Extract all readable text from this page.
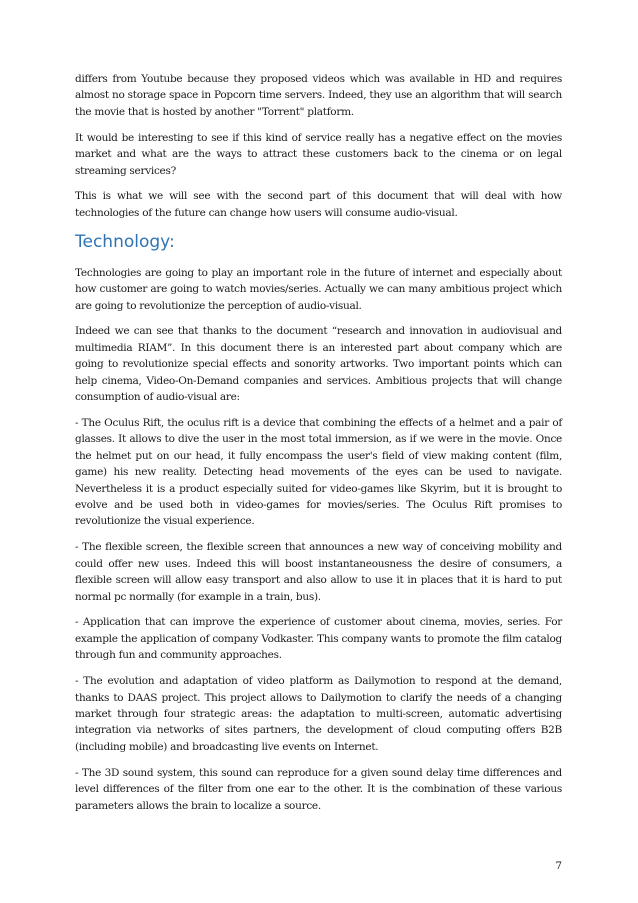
differs from Youtube because they proposed videos which was available in HD and requires almost no storage space in Popcorn time servers. Indeed, they use an algorithm that will search the movie that is hosted by another "Torrent" platform.

It would be interesting to see if this kind of service really has a negative effect on the movies market and what are the ways to attract these customers back to the cinema or on legal streaming services?

This is what we will see with the second part of this document that will deal with how technologies of the future can change how users will consume audio-visual.

Technology:

Technologies are going to play an important role in the future of internet and especially about how customer are going to watch movies/series. Actually we can many ambitious project which are going to revolutionize the perception of audio-visual.

Indeed we can see that thanks to the document “research and innovation in audiovisual and multimedia RIAM”. In this document there is an interested part about company which are going to revolutionize special effects and sonority artworks. Two important points which can help cinema, Video-On-Demand companies and services. Ambitious projects that will change consumption of audio-visual are:

- The Oculus Rift, the oculus rift is a device that combining the effects of a helmet and a pair of glasses. It allows to dive the user in the most total immersion, as if we were in the movie. Once the helmet put on our head, it fully encompass the user's field of view making content (film, game) his new reality. Detecting head movements of the eyes can be used to navigate. Nevertheless it is a product especially suited for video-games like Skyrim, but it is brought to evolve and be used both in video-games for movies/series. The Oculus Rift promises to revolutionize the visual experience.

- The flexible screen, the flexible screen that announces a new way of conceiving mobility and could offer new uses. Indeed this will boost instantaneousness the desire of consumers, a flexible screen will allow easy transport and also allow to use it in places that it is hard to put normal pc normally (for example in a train, bus).

- Application that can improve the experience of customer about cinema, movies, series. For example the application of company Vodkaster. This company wants to promote the film catalog through fun and community approaches.

- The evolution and adaptation of video platform as Dailymotion to respond at the demand, thanks to DAAS project. This project allows to Dailymotion to clarify the needs of a changing market through four strategic areas: the adaptation to multi-screen, automatic advertising integration via networks of sites partners, the development of cloud computing offers B2B (including mobile) and broadcasting live events on Internet.

- The 3D sound system, this sound can reproduce for a given sound delay time differences and level differences of the filter from one ear to the other. It is the combination of these various parameters allows the brain to localize a source.

7
